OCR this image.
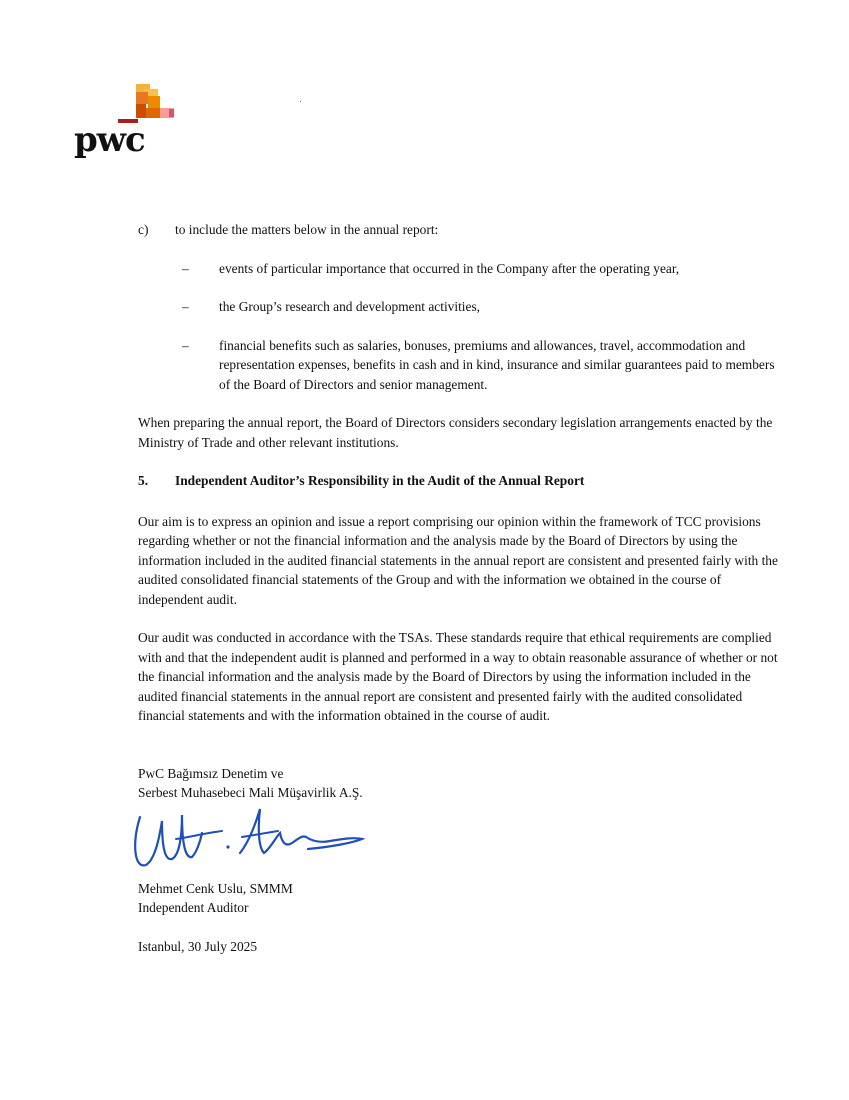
pwc
c) to include the matters below in the annual report:
– events of particular importance that occurred in the Company after the operating year,
– the Group’s research and development activities,
– financial benefits such as salaries, bonuses, premiums and allowances, travel, accommodation and representation expenses, benefits in cash and in kind, insurance and similar guarantees paid to members of the Board of Directors and senior management.

When preparing the annual report, the Board of Directors considers secondary legislation arrangements enacted by the Ministry of Trade and other relevant institutions.

5. Independent Auditor’s Responsibility in the Audit of the Annual Report

Our aim is to express an opinion and issue a report comprising our opinion within the framework of TCC provisions regarding whether or not the financial information and the analysis made by the Board of Directors by using the information included in the audited financial statements in the annual report are consistent and presented fairly with the audited consolidated financial statements of the Group and with the information we obtained in the course of independent audit.

Our audit was conducted in accordance with the TSAs. These standards require that ethical requirements are complied with and that the independent audit is planned and performed in a way to obtain reasonable assurance of whether or not the financial information and the analysis made by the Board of Directors by using the information included in the audited financial statements in the annual report are consistent and presented fairly with the audited consolidated financial statements and with the information obtained in the course of audit.

PwC Bağımsız Denetim ve
Serbest Muhasebeci Mali Müşavirlik A.Ş.
Mehmet Cenk Uslu, SMMM
Independent Auditor
Istanbul, 30 July 2025
